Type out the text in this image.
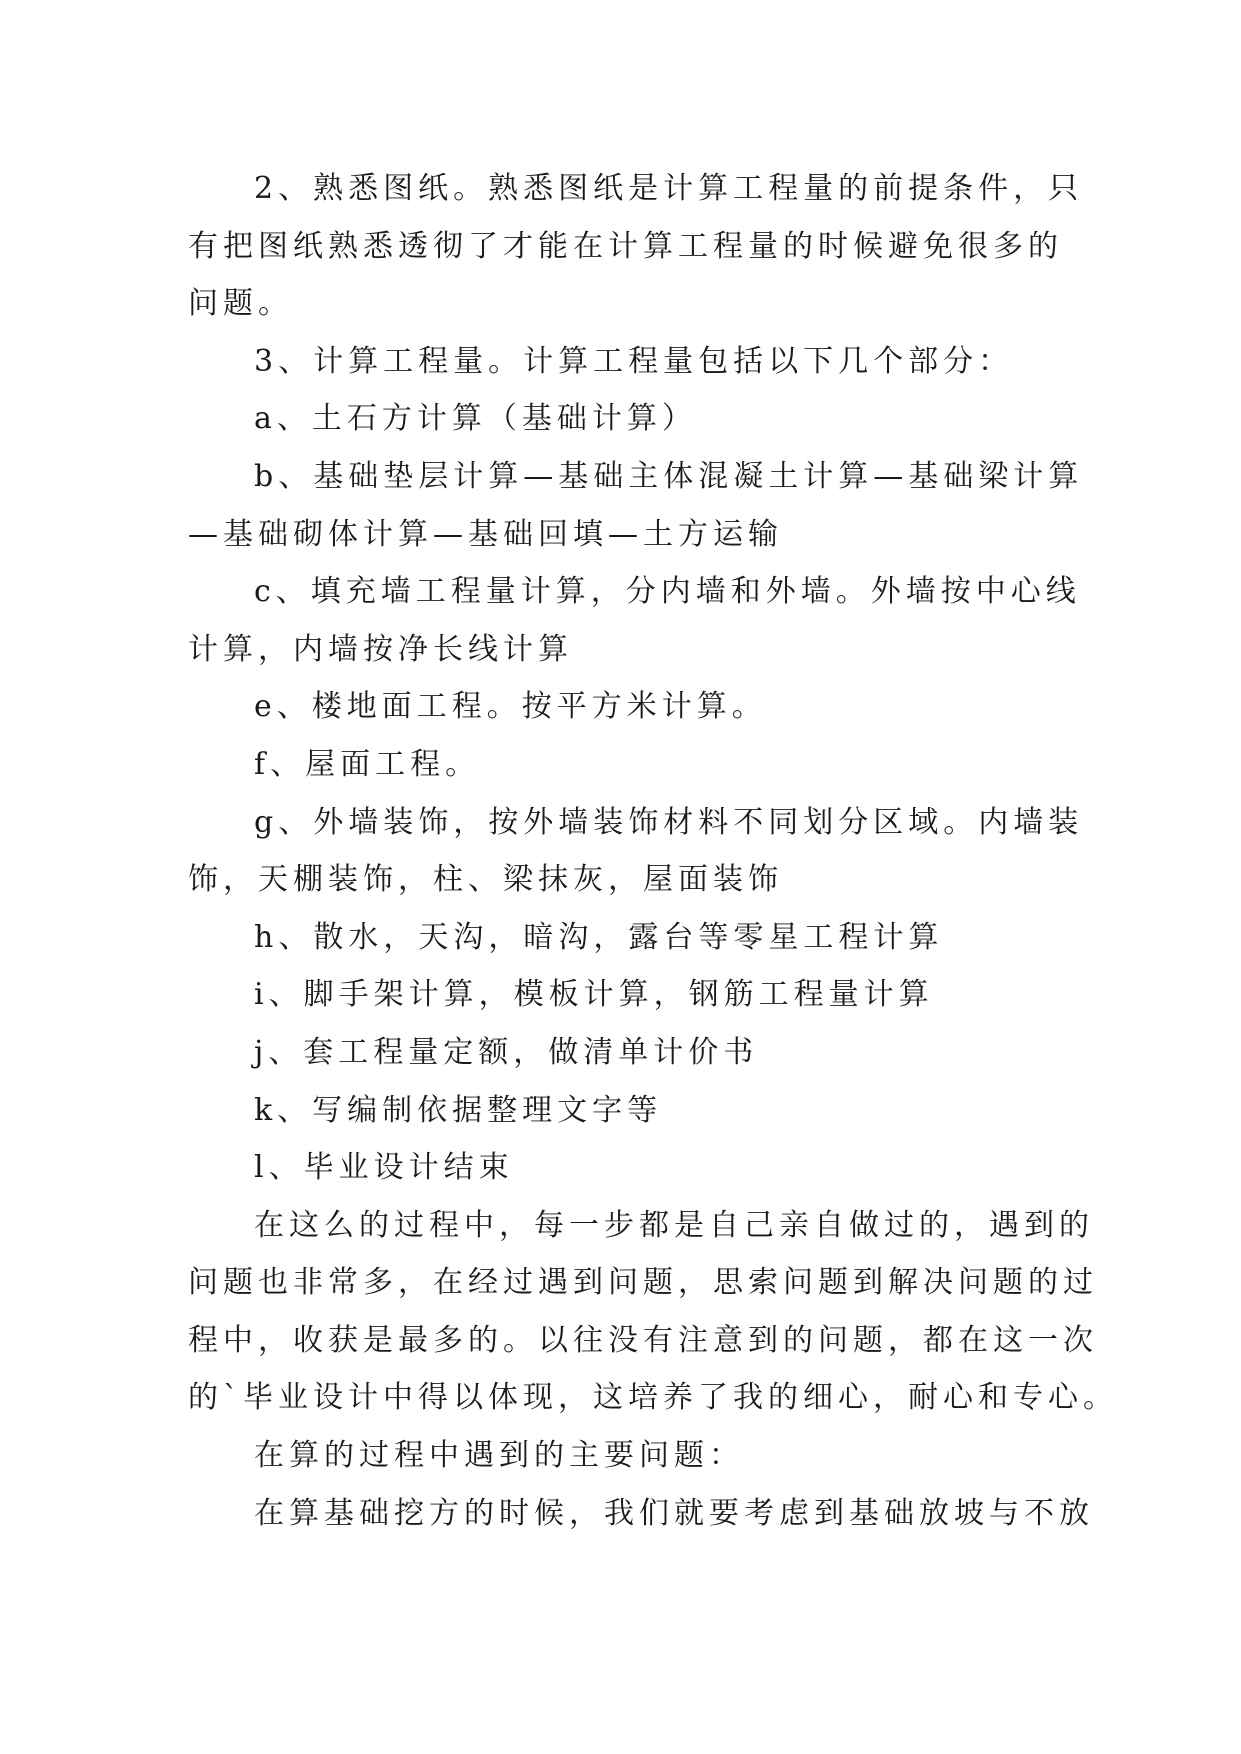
2、熟悉图纸。熟悉图纸是计算工程量的前提条件，只
有把图纸熟悉透彻了才能在计算工程量的时候避免很多的
问题。
3、计算工程量。计算工程量包括以下几个部分：
a、土石方计算（基础计算）
b、基础垫层计算—基础主体混凝土计算—基础梁计算
—基础砌体计算—基础回填—土方运输
c、填充墙工程量计算，分内墙和外墙。外墙按中心线
计算，内墙按净长线计算
e、楼地面工程。按平方米计算。
f、屋面工程。
g、外墙装饰，按外墙装饰材料不同划分区域。内墙装
饰，天棚装饰，柱、梁抹灰，屋面装饰
h、散水，天沟，暗沟，露台等零星工程计算
i、脚手架计算，模板计算，钢筋工程量计算
j、套工程量定额，做清单计价书
k、写编制依据整理文字等
l、毕业设计结束
在这么的过程中，每一步都是自己亲自做过的，遇到的
问题也非常多，在经过遇到问题，思索问题到解决问题的过
程中，收获是最多的。以往没有注意到的问题，都在这一次
的`毕业设计中得以体现，这培养了我的细心，耐心和专心。
在算的过程中遇到的主要问题：
在算基础挖方的时候，我们就要考虑到基础放坡与不放
